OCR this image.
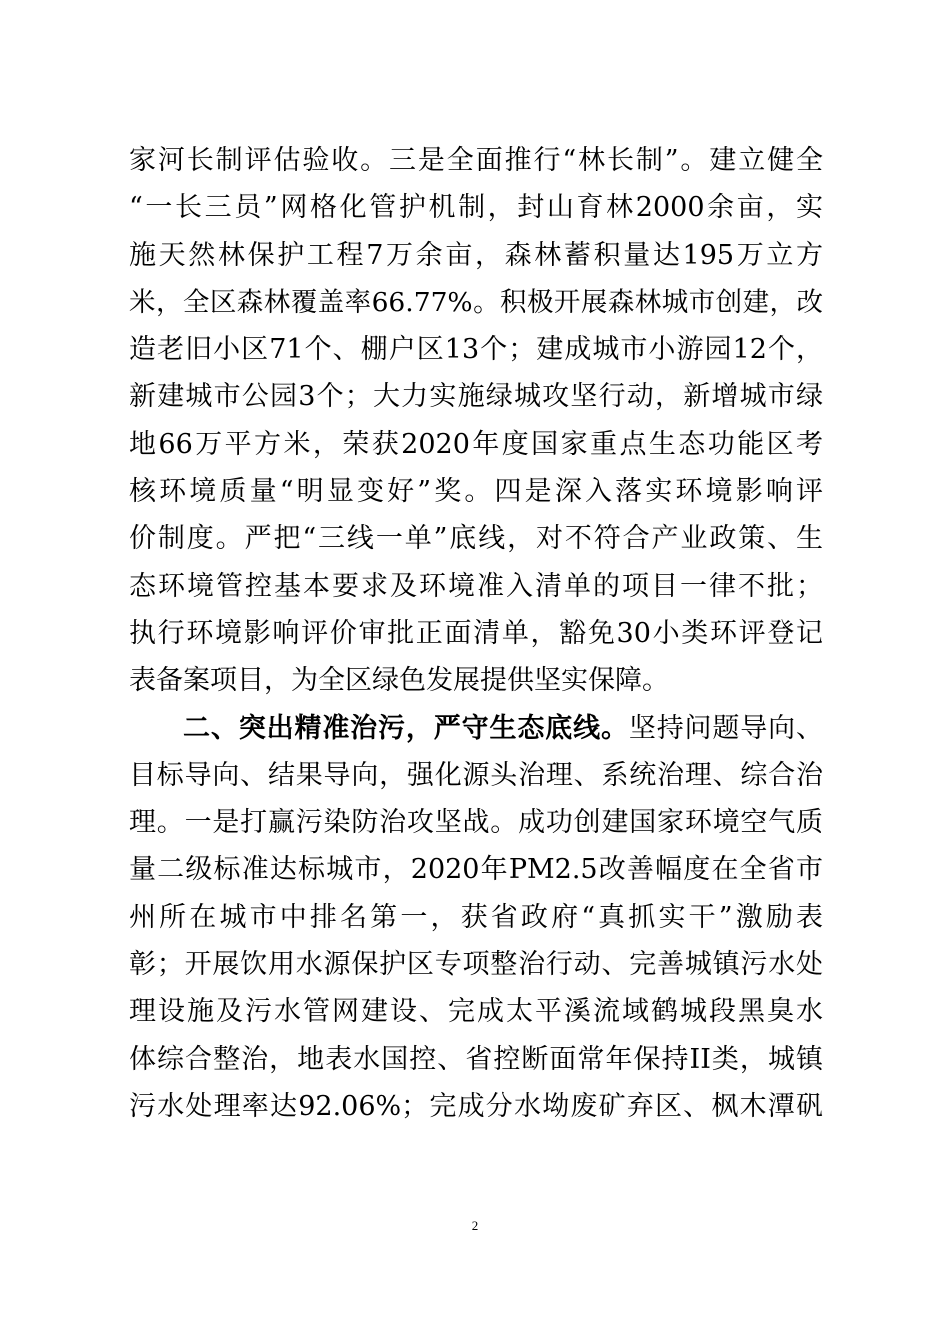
家河长制评估验收。三是全面推行“林长制”。建立健全
“一长三员”网格化管护机制，封山育林2000余亩，实
施天然林保护工程7万余亩，森林蓄积量达195万立方
米，全区森林覆盖率66.77%。积极开展森林城市创建，改
造老旧小区71个、棚户区13个；建成城市小游园12个，
新建城市公园3个；大力实施绿城攻坚行动，新增城市绿
地66万平方米，荣获2020年度国家重点生态功能区考
核环境质量“明显变好”奖。四是深入落实环境影响评
价制度。严把“三线一单”底线，对不符合产业政策、生
态环境管控基本要求及环境准入清单的项目一律不批；
执行环境影响评价审批正面清单，豁免30小类环评登记
表备案项目，为全区绿色发展提供坚实保障。
二、突出精准治污，严守生态底线。坚持问题导向、
目标导向、结果导向，强化源头治理、系统治理、综合治
理。一是打赢污染防治攻坚战。成功创建国家环境空气质
量二级标准达标城市，2020年PM2.5改善幅度在全省市
州所在城市中排名第一，获省政府“真抓实干”激励表
彰；开展饮用水源保护区专项整治行动、完善城镇污水处
理设施及污水管网建设、完成太平溪流域鹤城段黑臭水
体综合整治，地表水国控、省控断面常年保持II类，城镇
污水处理率达92.06%；完成分水坳废矿弃区、枫木潭矾
2
